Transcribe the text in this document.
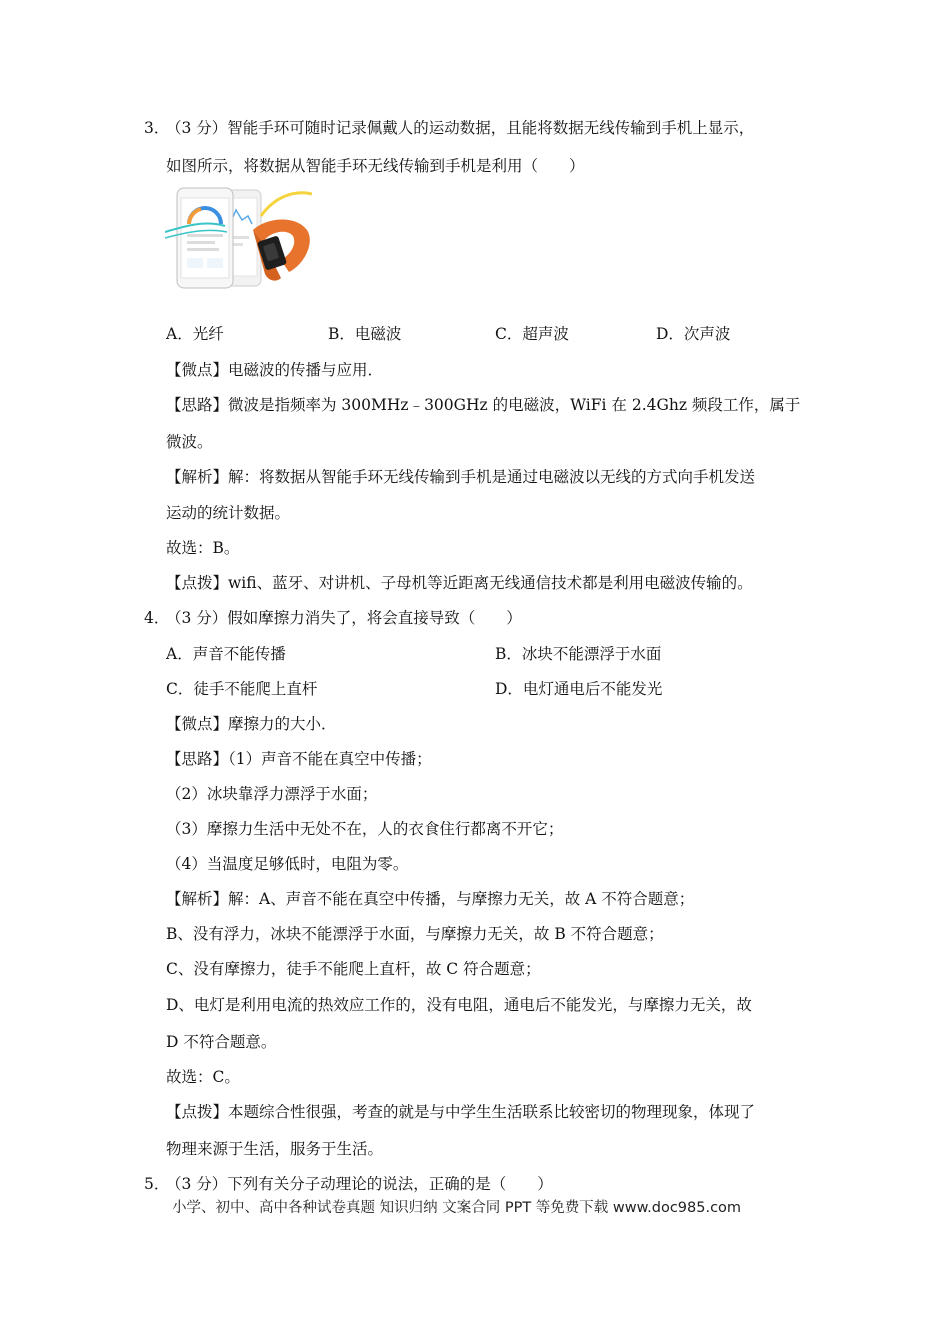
3．
（3 分）智能手环可随时记录佩戴人的运动数据，且能将数据无线传输到手机上显示，
如图所示，将数据从智能手环无线传输到手机是利用（　　）
A．光纤	B．电磁波	C．超声波	D．次声波
【微点】电磁波的传播与应用．
【思路】微波是指频率为 300MHz﹣300GHz 的电磁波，WiFi 在 2.4Ghz 频段工作，属于
微波。
【解析】解：将数据从智能手环无线传输到手机是通过电磁波以无线的方式向手机发送
运动的统计数据。
故选：B。
【点拨】wifi、蓝牙、对讲机、子母机等近距离无线通信技术都是利用电磁波传输的。
4．
（3 分）假如摩擦力消失了，将会直接导致（　　）
A．声音不能传播	B．冰块不能漂浮于水面
C．徒手不能爬上直杆	D．电灯通电后不能发光
【微点】摩擦力的大小．
【思路】（1）声音不能在真空中传播；
（2）冰块靠浮力漂浮于水面；
（3）摩擦力生活中无处不在，人的衣食住行都离不开它；
（4）当温度足够低时，电阻为零。
【解析】解：A、声音不能在真空中传播，与摩擦力无关，故 A 不符合题意；
B、没有浮力，冰块不能漂浮于水面，与摩擦力无关，故 B 不符合题意；
C、没有摩擦力，徒手不能爬上直杆，故 C 符合题意；
D、电灯是利用电流的热效应工作的，没有电阻，通电后不能发光，与摩擦力无关，故
D 不符合题意。
故选：C。
【点拨】本题综合性很强，考查的就是与中学生生活联系比较密切的物理现象，体现了
物理来源于生活，服务于生活。
5．
（3 分）下列有关分子动理论的说法，正确的是（　　）
小学、初中、高中各种试卷真题 知识归纳 文案合同 PPT 等免费下载 www.doc985.com
